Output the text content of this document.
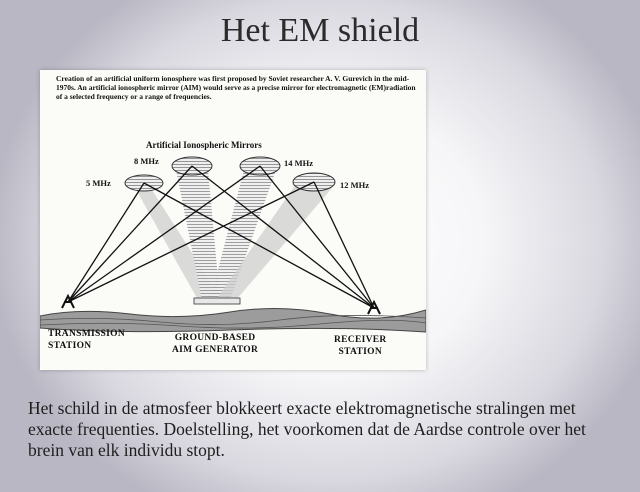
Het EM shield
Creation of an artificial uniform ionosphere was first proposed by Soviet researcher A. V. Gurevich in the mid-1970s. An artificial ionospheric mirror (AIM) would serve as a precise mirror for electromagnetic (EM)radiation of a selected frequency or a range of frequencies.
Artificial Ionospheric Mirrors
5 MHz
8 MHz	14 MHz
12 MHz
TRANSMISSION
STATION
GROUND-BASED
AIM GENERATOR
RECEIVER
STATION
Het schild in de atmosfeer blokkeert exacte elektromagnetische stralingen met exacte frequenties. Doelstelling, het voorkomen dat de Aardse controle over het brein van elk individu stopt.
